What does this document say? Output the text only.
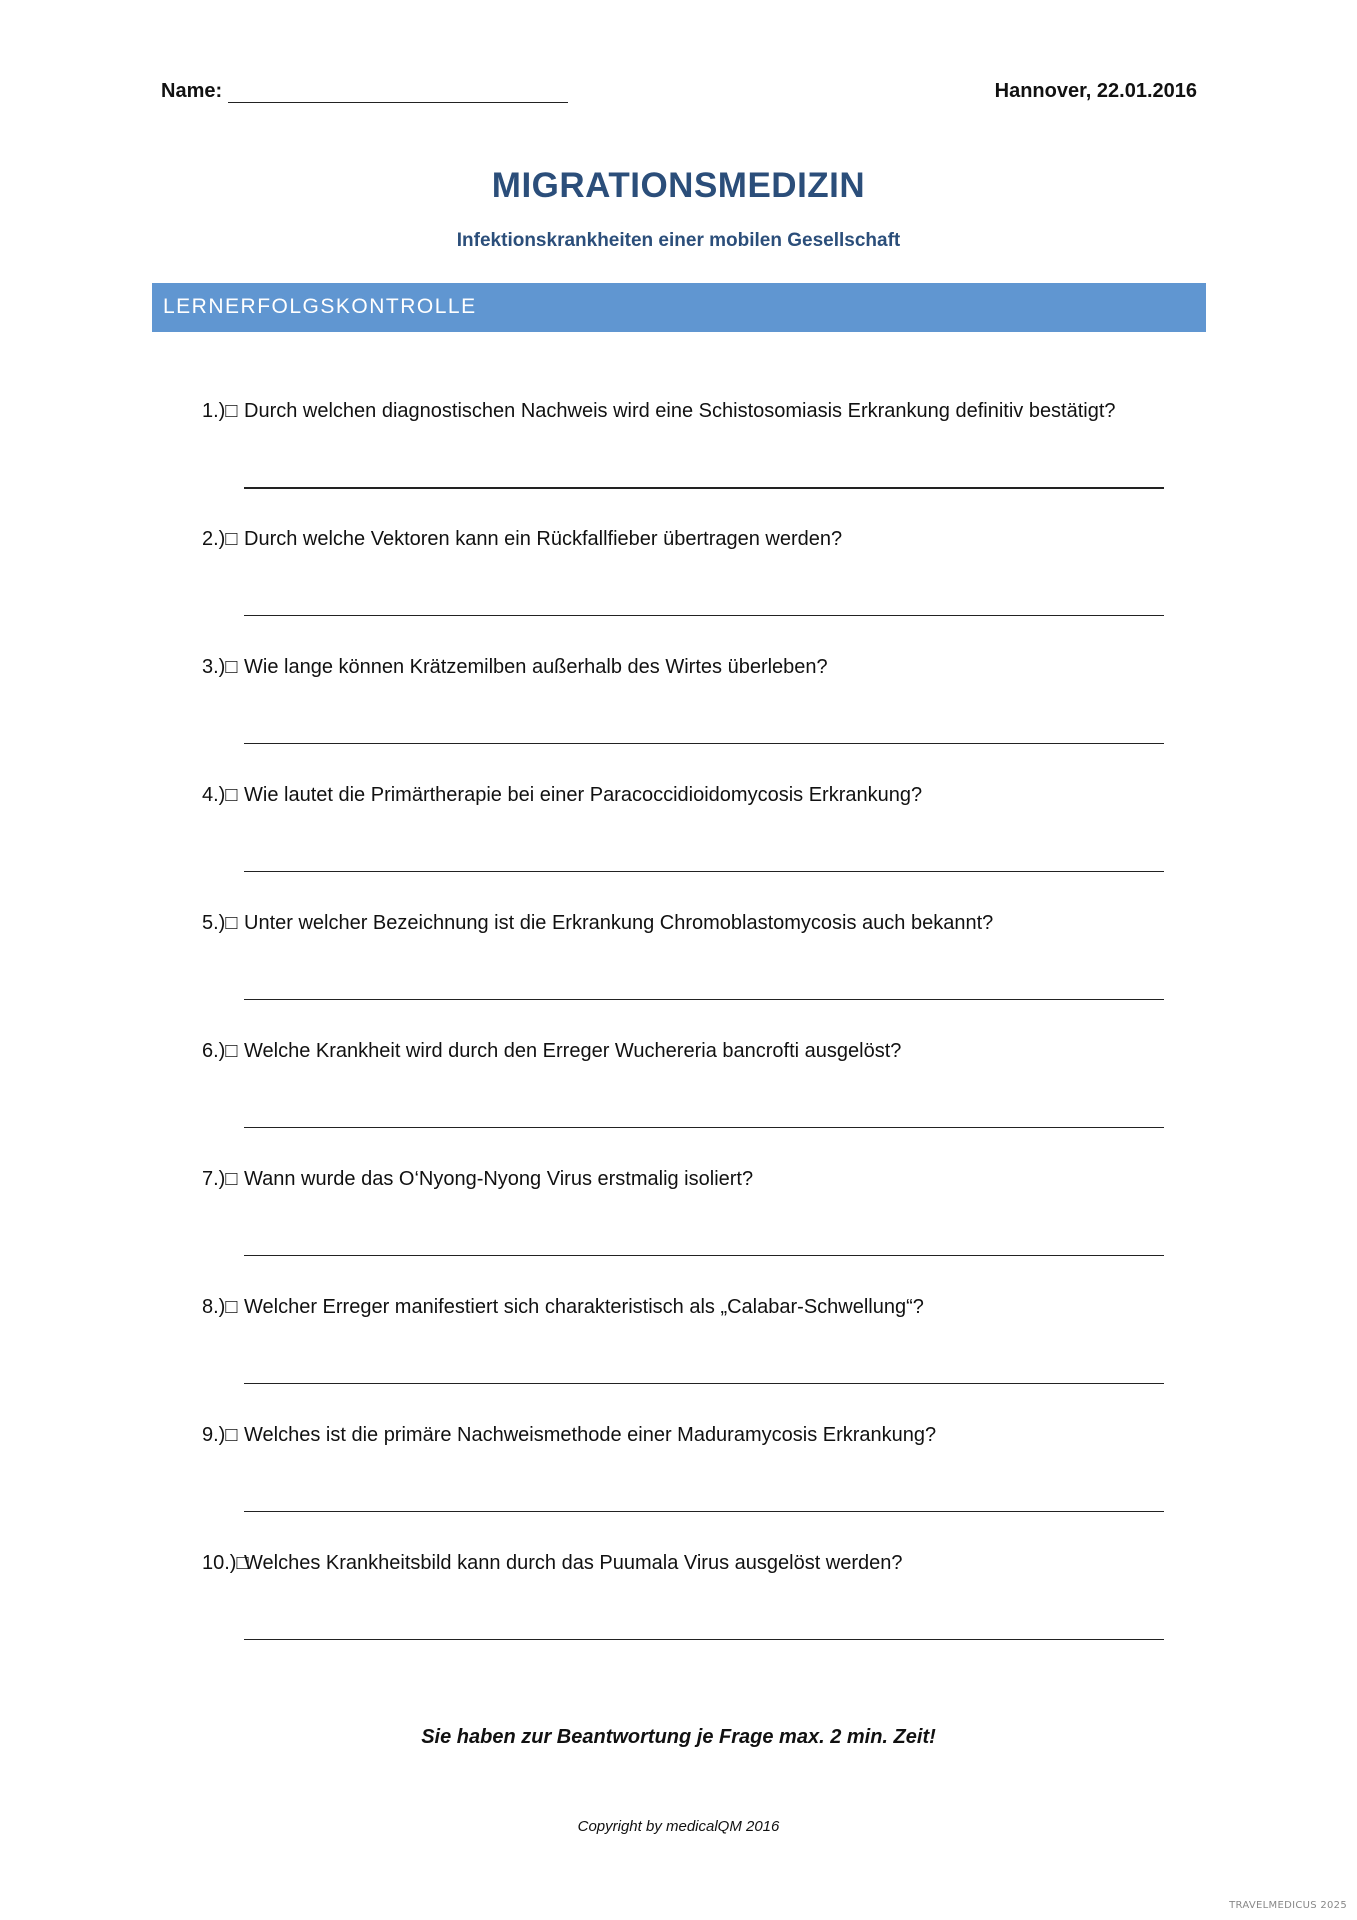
Name:	Hannover, 22.01.2016
MIGRATIONSMEDIZIN
Infektionskrankheiten einer mobilen Gesellschaft
LERNERFOLGSKONTROLLE
1.)□ Durch welchen diagnostischen Nachweis wird eine Schistosomiasis Erkrankung definitiv bestätigt?
2.)□ Durch welche Vektoren kann ein Rückfallfieber übertragen werden?
3.)□ Wie lange können Krätzemilben außerhalb des Wirtes überleben?
4.)□ Wie lautet die Primärtherapie bei einer Paracoccidioidomycosis Erkrankung?
5.)□ Unter welcher Bezeichnung ist die Erkrankung Chromoblastomycosis auch bekannt?
6.)□ Welche Krankheit wird durch den Erreger Wuchereria bancrofti ausgelöst?
7.)□ Wann wurde das O‘Nyong-Nyong Virus erstmalig isoliert?
8.)□ Welcher Erreger manifestiert sich charakteristisch als „Calabar-Schwellung“?
9.)□ Welches ist die primäre Nachweismethode einer Maduramycosis Erkrankung?
10.)□
Welches Krankheitsbild kann durch das Puumala Virus ausgelöst werden?
Sie haben zur Beantwortung je Frage max. 2 min. Zeit!
Copyright by medicalQM 2016
TRAVELMEDICUS 2025
